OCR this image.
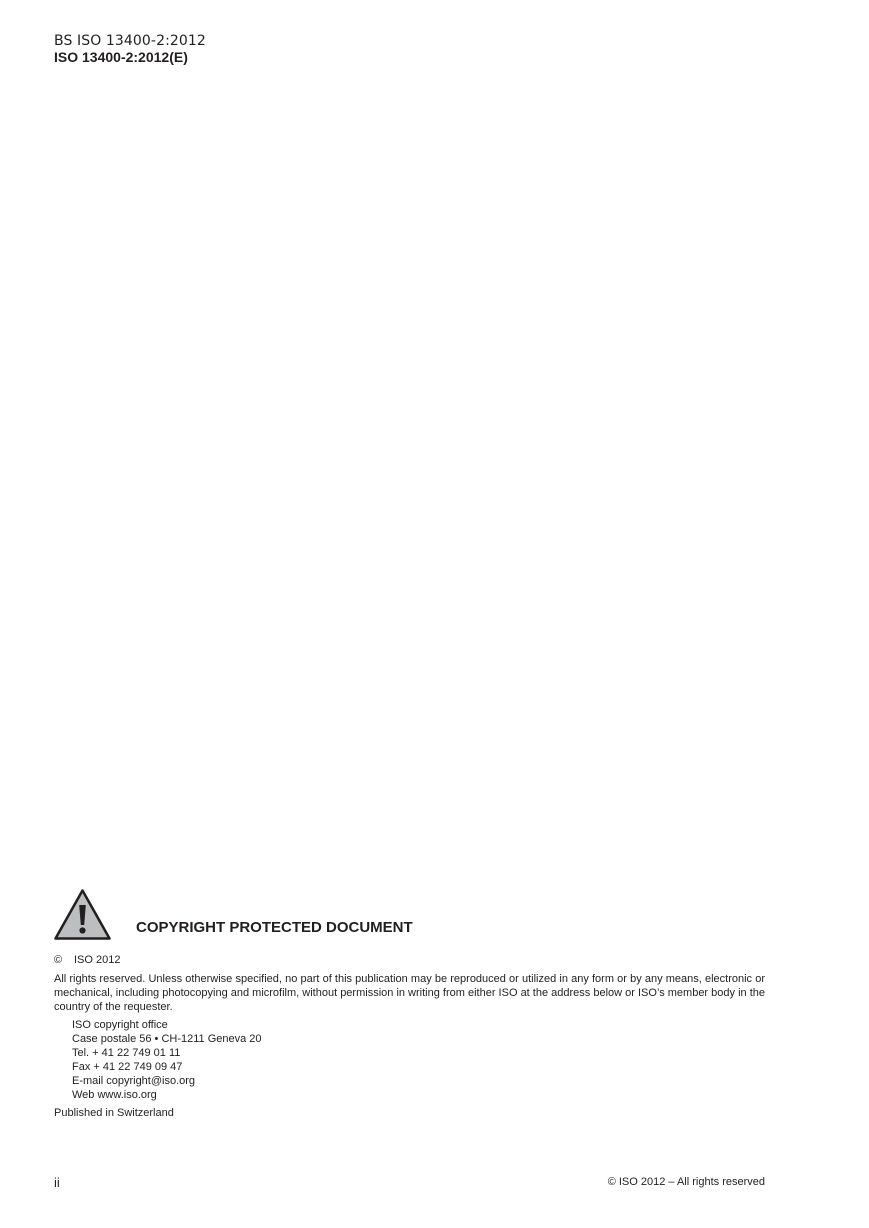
BS ISO 13400-2:2012
ISO 13400-2:2012(E)
COPYRIGHT PROTECTED DOCUMENT
© ISO 2012
All rights reserved. Unless otherwise specified, no part of this publication may be reproduced or utilized in any form or by any means, electronic or mechanical, including photocopying and microfilm, without permission in writing from either ISO at the address below or ISO’s member body in the country of the requester.
ISO copyright office
Case postale 56 • CH-1211 Geneva 20
Tel. + 41 22 749 01 11
Fax + 41 22 749 09 47
E-mail copyright@iso.org
Web www.iso.org
Published in Switzerland
ii	© ISO 2012 – All rights reserved
